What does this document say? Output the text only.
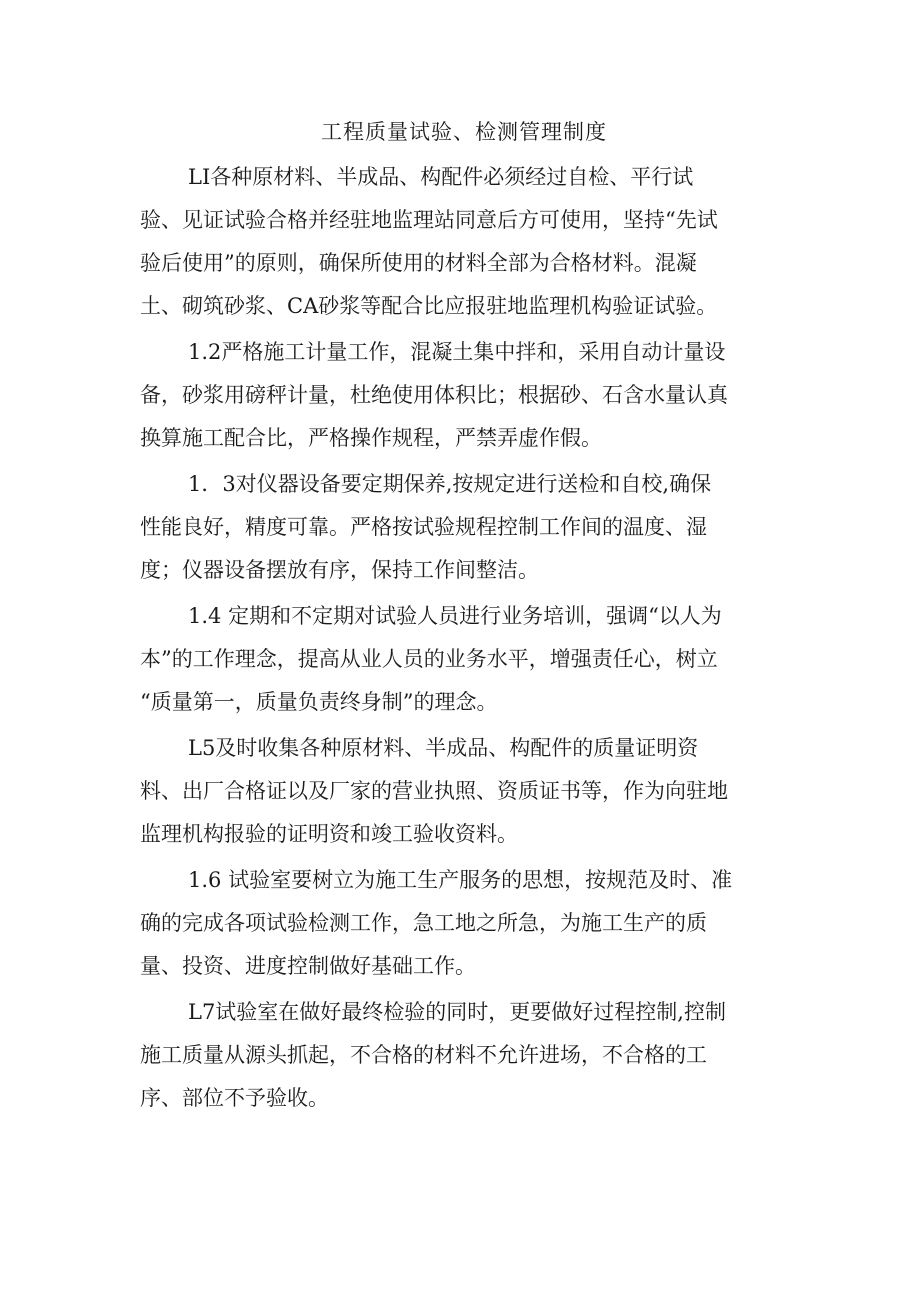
工程质量试验、检测管理制度
LI各种原材料、半成品、构配件必须经过自检、平行试
验、见证试验合格并经驻地监理站同意后方可使用，坚持“先试
验后使用”的原则，确保所使用的材料全部为合格材料。混凝
土、砌筑砂浆、CA砂浆等配合比应报驻地监理机构验证试验。
1.2严格施工计量工作，混凝土集中拌和，采用自动计量设
备，砂浆用磅秤计量，杜绝使用体积比；根据砂、石含水量认真
换算施工配合比，严格操作规程，严禁弄虚作假。
1．3对仪器设备要定期保养,按规定进行送检和自校,确保
性能良好，精度可靠。严格按试验规程控制工作间的温度、湿
度；仪器设备摆放有序，保持工作间整洁。
1.4 定期和不定期对试验人员进行业务培训，强调“以人为
本”的工作理念，提高从业人员的业务水平，增强责任心，树立
“质量第一，质量负责终身制”的理念。
L5及时收集各种原材料、半成品、构配件的质量证明资
料、出厂合格证以及厂家的营业执照、资质证书等，作为向驻地
监理机构报验的证明资和竣工验收资料。
1.6 试验室要树立为施工生产服务的思想，按规范及时、准
确的完成各项试验检测工作，急工地之所急，为施工生产的质
量、投资、进度控制做好基础工作。
L7试验室在做好最终检验的同时，更要做好过程控制,控制
施工质量从源头抓起，不合格的材料不允许进场，不合格的工
序、部位不予验收。
